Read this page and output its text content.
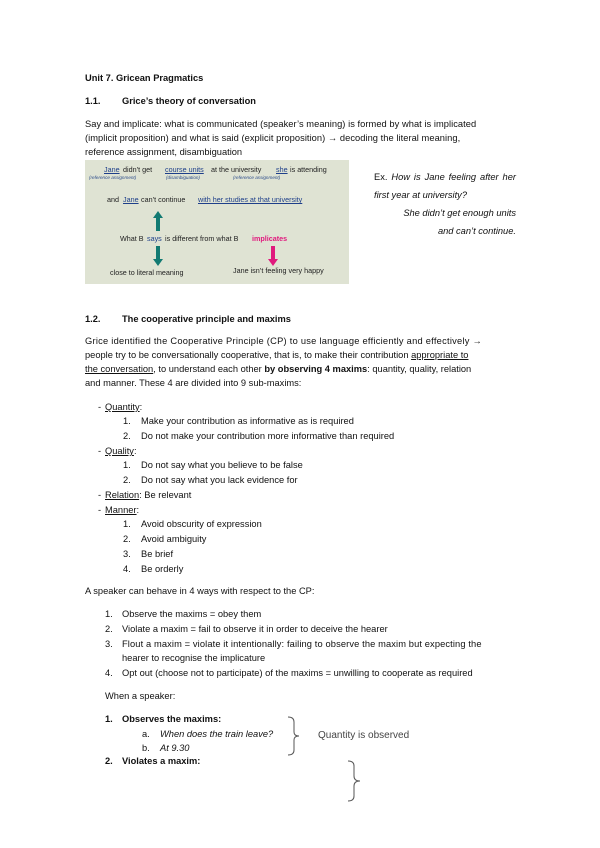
Unit 7. Gricean Pragmatics
1.1. Grice’s theory of conversation
Say and implicate: what is communicated (speaker’s meaning) is formed by what is implicated
(implicit proposition) and what is said (explicit proposition) → decoding the literal meaning,
reference assignment, disambiguation
Jane didn’t get course units at the university she is attending
(reference assignment)	(disambiguation)	(reference assignment)
and Jane can’t continue with her studies at that university
What B says is different from what B implicates
close to literal meaning	Jane isn’t feeling very happy
Ex. How is Jane feeling after her first year at university?
She didn’t get enough units and can’t continue.
1.2. The cooperative principle and maxims
Grice identified the Cooperative Principle (CP) to use language efficiently and effectively →
people try to be conversationally cooperative, that is, to make their contribution appropriate to
the conversation, to understand each other by observing 4 maxims: quantity, quality, relation
and manner. These 4 are divided into 9 sub-maxims:
- Quantity:
1.	Make your contribution as informative as is required
2.	Do not make your contribution more informative than required
- Quality:
1.	Do not say what you believe to be false
2.	Do not say what you lack evidence for
- Relation: Be relevant
- Manner:
1.	Avoid obscurity of expression
2.	Avoid ambiguity
3.	Be brief
4.	Be orderly
A speaker can behave in 4 ways with respect to the CP:
1. Observe the maxims = obey them
2. Violate a maxim = fail to observe it in order to deceive the hearer
3. Flout a maxim = violate it intentionally: failing to observe the maxim but expecting the
hearer to recognise the implicature
4. Opt out (choose not to participate) of the maxims = unwilling to cooperate as required
When a speaker:
1. Observes the maxims:
a.	When does the train leave?
b.	At 9.30
Quantity is observed
2. Violates a maxim:
